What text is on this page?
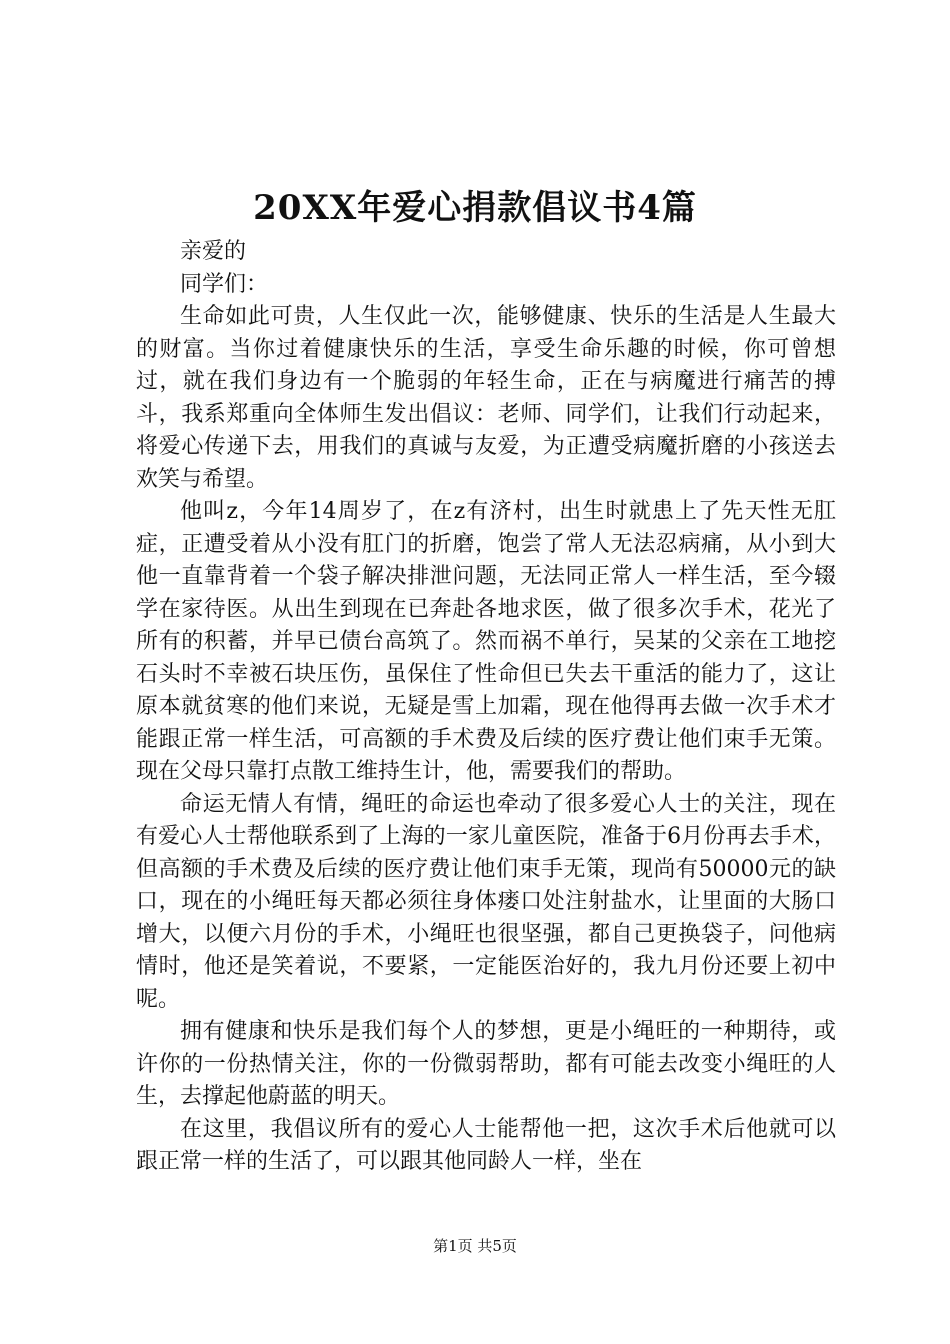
20XX年爱心捐款倡议书4篇

亲爱的

同学们：

生命如此可贵，人生仅此一次，能够健康、快乐的生活是人生最大的财富。当你过着健康快乐的生活，享受生命乐趣的时候，你可曾想过，就在我们身边有一个脆弱的年轻生命，正在与病魔进行痛苦的搏斗，我系郑重向全体师生发出倡议：老师、同学们，让我们行动起来，将爱心传递下去，用我们的真诚与友爱，为正遭受病魔折磨的小孩送去欢笑与希望。

他叫z，今年14周岁了，在z有济村，出生时就患上了先天性无肛症，正遭受着从小没有肛门的折磨，饱尝了常人无法忍病痛，从小到大他一直靠背着一个袋子解决排泄问题，无法同正常人一样生活，至今辍学在家待医。从出生到现在已奔赴各地求医，做了很多次手术，花光了所有的积蓄，并早已债台高筑了。然而祸不单行，吴某的父亲在工地挖石头时不幸被石块压伤，虽保住了性命但已失去干重活的能力了，这让原本就贫寒的他们来说，无疑是雪上加霜，现在他得再去做一次手术才能跟正常一样生活，可高额的手术费及后续的医疗费让他们束手无策。现在父母只靠打点散工维持生计，他，需要我们的帮助。

命运无情人有情，绳旺的命运也牵动了很多爱心人士的关注，现在有爱心人士帮他联系到了上海的一家儿童医院，准备于6月份再去手术，但高额的手术费及后续的医疗费让他们束手无策，现尚有50000元的缺口，现在的小绳旺每天都必须往身体瘘口处注射盐水，让里面的大肠口增大，以便六月份的手术，小绳旺也很坚强，都自己更换袋子，问他病情时，他还是笑着说，不要紧，一定能医治好的，我九月份还要上初中呢。

拥有健康和快乐是我们每个人的梦想，更是小绳旺的一种期待，或许你的一份热情关注，你的一份微弱帮助，都有可能去改变小绳旺的人生，去撑起他蔚蓝的明天。

在这里，我倡议所有的爱心人士能帮他一把，这次手术后他就可以跟正常一样的生活了，可以跟其他同龄人一样，坐在

第1页 共5页
